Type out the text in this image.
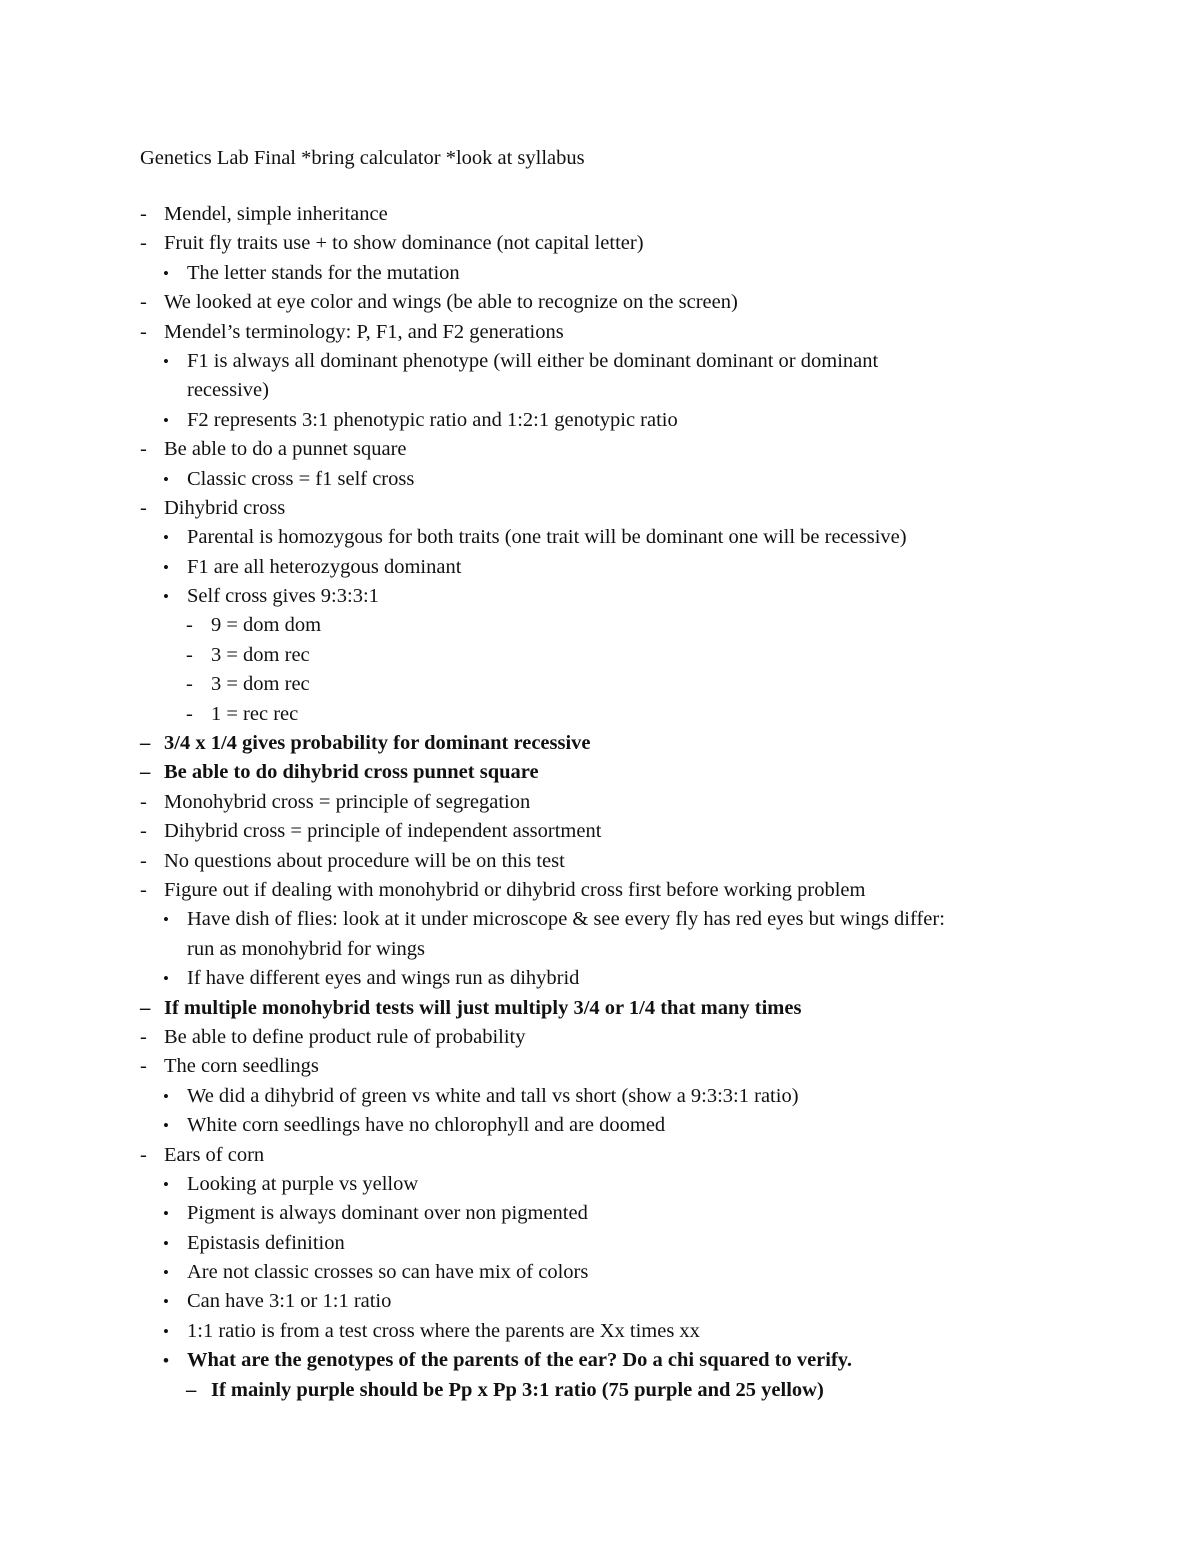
Genetics Lab Final *bring calculator *look at syllabus
- Mendel, simple inheritance
- Fruit fly traits use + to show dominance (not capital letter)
• The letter stands for the mutation
- We looked at eye color and wings (be able to recognize on the screen)
- Mendel’s terminology: P, F1, and F2 generations
• F1 is always all dominant phenotype (will either be dominant dominant or dominant
recessive)
• F2 represents 3:1 phenotypic ratio and 1:2:1 genotypic ratio
- Be able to do a punnet square
• Classic cross = f1 self cross
- Dihybrid cross
• Parental is homozygous for both traits (one trait will be dominant one will be recessive)
• F1 are all heterozygous dominant
• Self cross gives 9:3:3:1
- 9 = dom dom
- 3 = dom rec
- 3 = dom rec
- 1 = rec rec
– 3/4 x 1/4 gives probability for dominant recessive
– Be able to do dihybrid cross punnet square
- Monohybrid cross = principle of segregation
- Dihybrid cross = principle of independent assortment
- No questions about procedure will be on this test
- Figure out if dealing with monohybrid or dihybrid cross first before working problem
• Have dish of flies: look at it under microscope & see every fly has red eyes but wings differ:
run as monohybrid for wings
• If have different eyes and wings run as dihybrid
– If multiple monohybrid tests will just multiply 3/4 or 1/4 that many times
- Be able to define product rule of probability
- The corn seedlings
• We did a dihybrid of green vs white and tall vs short (show a 9:3:3:1 ratio)
• White corn seedlings have no chlorophyll and are doomed
- Ears of corn
• Looking at purple vs yellow
• Pigment is always dominant over non pigmented
• Epistasis definition
• Are not classic crosses so can have mix of colors
• Can have 3:1 or 1:1 ratio
• 1:1 ratio is from a test cross where the parents are Xx times xx
• What are the genotypes of the parents of the ear? Do a chi squared to verify.
– If mainly purple should be Pp x Pp 3:1 ratio (75 purple and 25 yellow)
